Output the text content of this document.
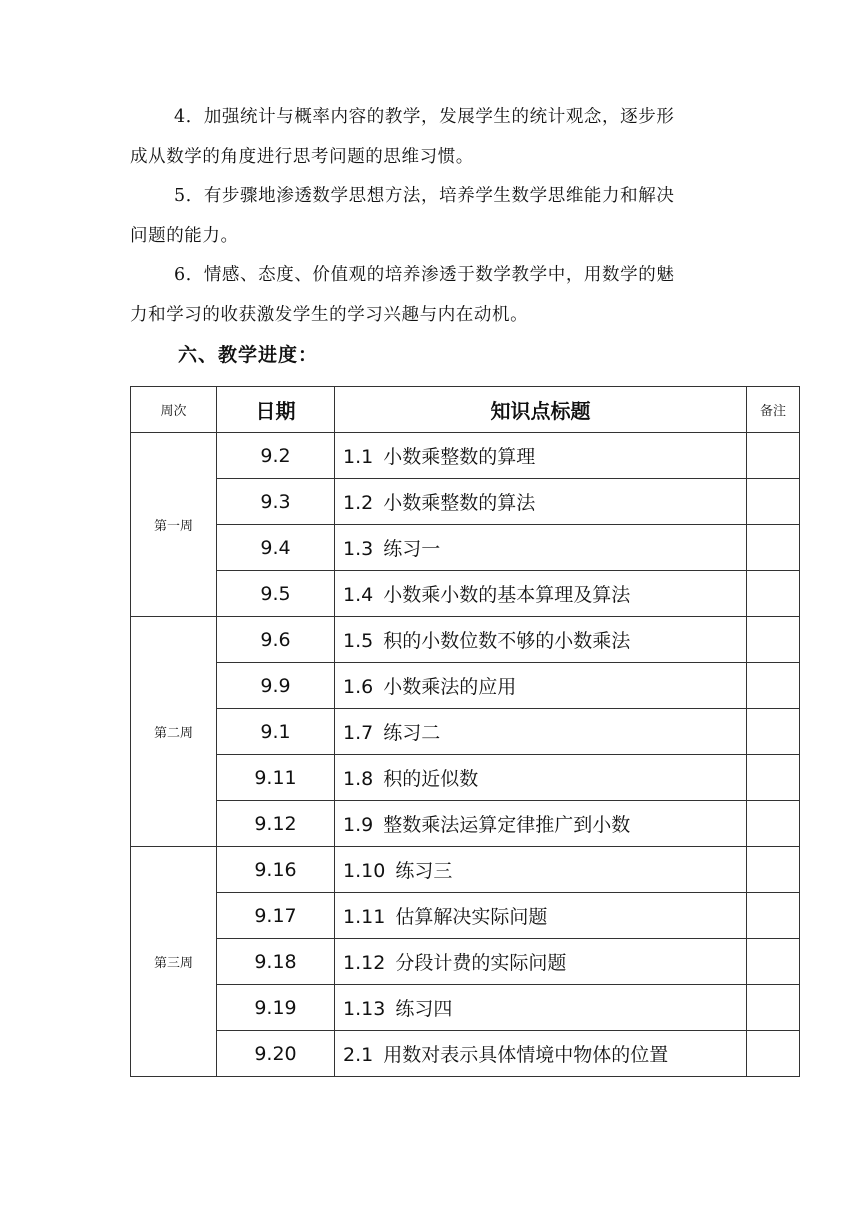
4．加强统计与概率内容的教学，发展学生的统计观念，逐步形
成从数学的角度进行思考问题的思维习惯。

5．有步骤地渗透数学思想方法，培养学生数学思维能力和解决
问题的能力。

6．情感、态度、价值观的培养渗透于数学教学中，用数学的魅
力和学习的收获激发学生的学习兴趣与内在动机。

六、教学进度：
周次	日期	知识点标题	备注
第一周	9.2	1.1 小数乘整数的算理	
	9.3	1.2 小数乘整数的算法	
	9.4	1.3 练习一	
	9.5	1.4 小数乘小数的基本算理及算法	
第二周	9.6	1.5 积的小数位数不够的小数乘法	
	9.9	1.6 小数乘法的应用	
	9.1	1.7 练习二	
	9.11	1.8 积的近似数	
	9.12	1.9 整数乘法运算定律推广到小数	
第三周	9.16	1.10 练习三	
	9.17	1.11 估算解决实际问题	
	9.18	1.12 分段计费的实际问题	
	9.19	1.13 练习四	
	9.20	2.1 用数对表示具体情境中物体的位置	
